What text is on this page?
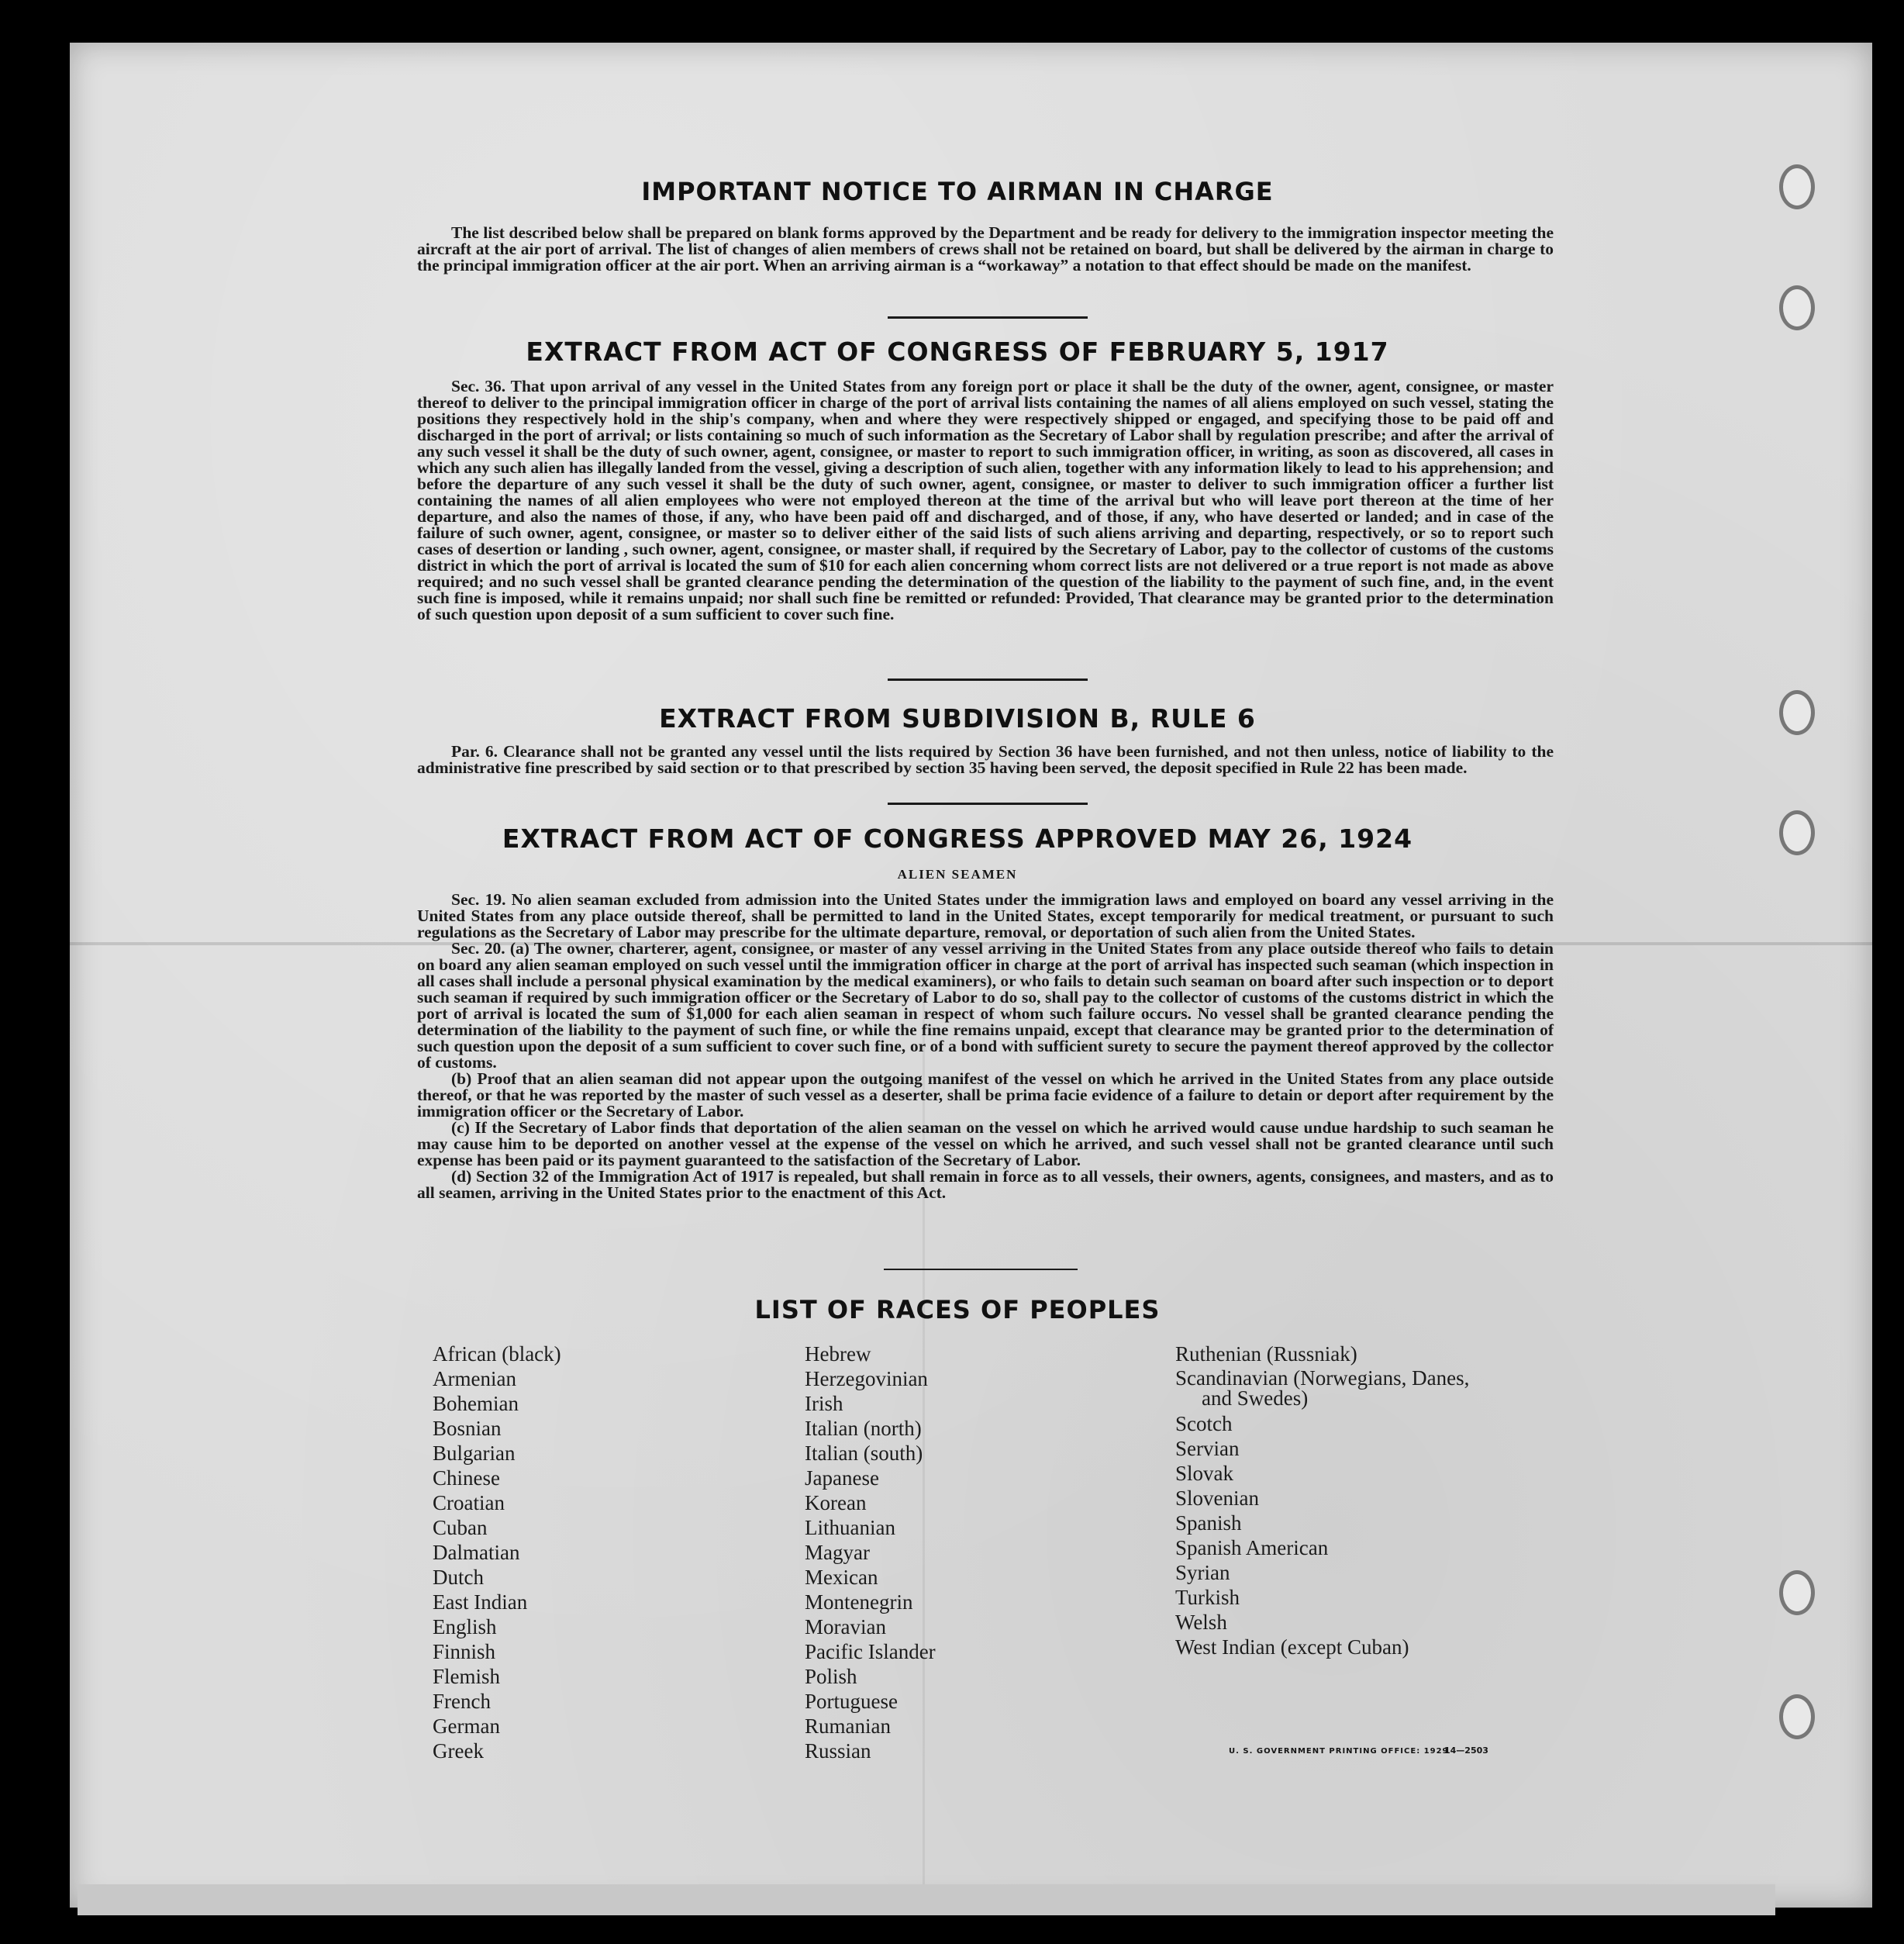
IMPORTANT NOTICE TO AIRMAN IN CHARGE

The list described below shall be prepared on blank forms approved by the Department and be ready for delivery to the immigration inspector meeting the aircraft at the air port of arrival. The list of changes of alien members of crews shall not be retained on board, but shall be delivered by the airman in charge to the principal immigration officer at the air port. When an arriving airman is a “workaway” a notation to that effect should be made on the manifest.

EXTRACT FROM ACT OF CONGRESS OF FEBRUARY 5, 1917

Sec. 36. That upon arrival of any vessel in the United States from any foreign port or place it shall be the duty of the owner, agent, consignee, or master thereof to deliver to the principal immigration officer in charge of the port of arrival lists containing the names of all aliens employed on such vessel, stating the positions they respectively hold in the ship's company, when and where they were respectively shipped or engaged, and specifying those to be paid off and discharged in the port of arrival; or lists containing so much of such information as the Secretary of Labor shall by regulation prescribe; and after the arrival of any such vessel it shall be the duty of such owner, agent, consignee, or master to report to such immigration officer, in writing, as soon as discovered, all cases in which any such alien has illegally landed from the vessel, giving a description of such alien, together with any information likely to lead to his apprehension; and before the departure of any such vessel it shall be the duty of such owner, agent, consignee, or master to deliver to such immigration officer a further list containing the names of all alien employees who were not employed thereon at the time of the arrival but who will leave port thereon at the time of her departure, and also the names of those, if any, who have been paid off and discharged, and of those, if any, who have deserted or landed; and in case of the failure of such owner, agent, consignee, or master so to deliver either of the said lists of such aliens arriving and departing, respectively, or so to report such cases of desertion or landing , such owner, agent, consignee, or master shall, if required by the Secretary of Labor, pay to the collector of customs of the customs district in which the port of arrival is located the sum of $10 for each alien concerning whom correct lists are not delivered or a true report is not made as above required; and no such vessel shall be granted clearance pending the determination of the question of the liability to the payment of such fine, and, in the event such fine is imposed, while it remains unpaid; nor shall such fine be remitted or refunded: Provided, That clearance may be granted prior to the determination of such question upon deposit of a sum sufficient to cover such fine.

EXTRACT FROM SUBDIVISION B, RULE 6

Par. 6. Clearance shall not be granted any vessel until the lists required by Section 36 have been furnished, and not then unless, notice of liability to the administrative fine prescribed by said section or to that prescribed by section 35 having been served, the deposit specified in Rule 22 has been made.

EXTRACT FROM ACT OF CONGRESS APPROVED MAY 26, 1924
ALIEN SEAMEN

Sec. 19. No alien seaman excluded from admission into the United States under the immigration laws and employed on board any vessel arriving in the United States from any place outside thereof, shall be permitted to land in the United States, except temporarily for medical treatment, or pursuant to such regulations as the Secretary of Labor may prescribe for the ultimate departure, removal, or deportation of such alien from the United States.

Sec. 20. (a) The owner, charterer, agent, consignee, or master of any vessel arriving in the United States from any place outside thereof who fails to detain on board any alien seaman employed on such vessel until the immigration officer in charge at the port of arrival has inspected such seaman (which inspection in all cases shall include a personal physical examination by the medical examiners), or who fails to detain such seaman on board after such inspection or to deport such seaman if required by such immigration officer or the Secretary of Labor to do so, shall pay to the collector of customs of the customs district in which the port of arrival is located the sum of $1,000 for each alien seaman in respect of whom such failure occurs. No vessel shall be granted clearance pending the determination of the liability to the payment of such fine, or while the fine remains unpaid, except that clearance may be granted prior to the determination of such question upon the deposit of a sum sufficient to cover such fine, or of a bond with sufficient surety to secure the payment thereof approved by the collector of customs.

(b) Proof that an alien seaman did not appear upon the outgoing manifest of the vessel on which he arrived in the United States from any place outside thereof, or that he was reported by the master of such vessel as a deserter, shall be prima facie evidence of a failure to detain or deport after requirement by the immigration officer or the Secretary of Labor.

(c) If the Secretary of Labor finds that deportation of the alien seaman on the vessel on which he arrived would cause undue hardship to such seaman he may cause him to be deported on another vessel at the expense of the vessel on which he arrived, and such vessel shall not be granted clearance until such expense has been paid or its payment guaranteed to the satisfaction of the Secretary of Labor.

(d) Section 32 of the Immigration Act of 1917 is repealed, but shall remain in force as to all vessels, their owners, agents, consignees, and masters, and as to all seamen, arriving in the United States prior to the enactment of this Act.

LIST OF RACES OF PEOPLES
African (black)
Armenian
Bohemian
Bosnian
Bulgarian
Chinese
Croatian
Cuban
Dalmatian
Dutch
East Indian
English
Finnish
Flemish
French
German
Greek
Hebrew
Herzegovinian
Irish
Italian (north)
Italian (south)
Japanese
Korean
Lithuanian
Magyar
Mexican
Montenegrin
Moravian
Pacific Islander
Polish
Portuguese
Rumanian
Russian
Ruthenian (Russniak)
Scandinavian (Norwegians, Danes,
and Swedes)
Scotch
Servian
Slovak
Slovenian
Spanish
Spanish American
Syrian
Turkish
Welsh
West Indian (except Cuban)
U. S. GOVERNMENT PRINTING OFFICE: 1929
14—2503
